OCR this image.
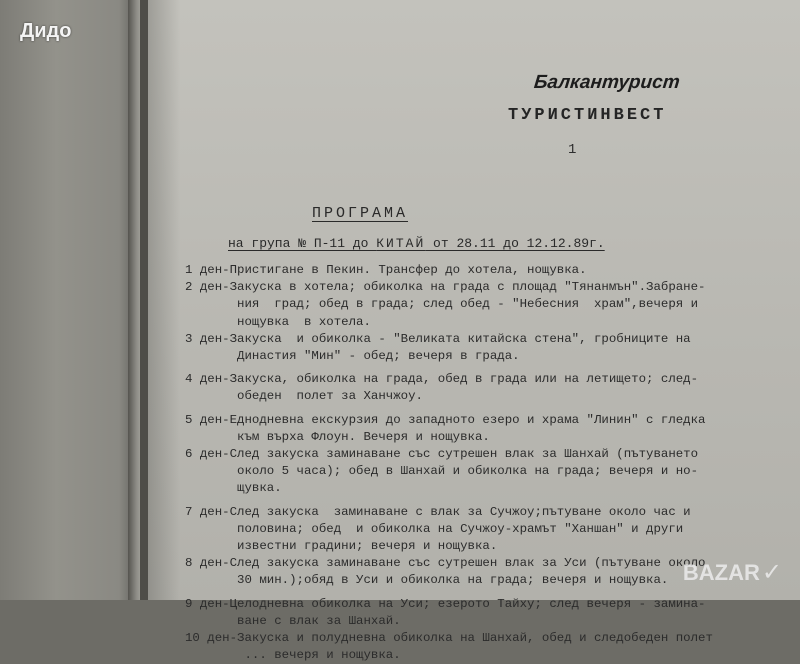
Балкантурист
ТУРИСТИНВЕСТ
1
ПРОГРАМА
на група № П-11 до КИТАЙ от 28.11 до 12.12.89г.
1 ден-Пристигане в Пекин. Трансфер до хотела, нощувка.
2 ден-Закуска в хотела; обиколка на града с площад "Тянанмън".Забране-
ния  град; обед в града; след обед - "Небесния  храм",вечеря и
нощувка  в хотела.
3 ден-Закуска  и обиколка - "Великата китайска стена", гробниците на
Династия "Мин" - обед; вечеря в града.
4 ден-Закуска, обиколка на града, обед в града или на летището; след-
обеден  полет за Ханчжоу.
5 ден-Еднодневна екскурзия до западното езеро и храма "Линин" с гледка
към върха Флоун. Вечеря и нощувка.
6 ден-След закуска заминаване със сутрешен влак за Шанхай (пътуването
около 5 часа); обед в Шанхай и обиколка на града; вечеря и но-
щувка.
7 ден-След закуска  заминаване с влак за Сучжоу;пътуване около час и
половина; обед  и обиколка на Сучжоу-храмът "Ханшан" и други
известни градини; вечеря и нощувка.
8 ден-След закуска заминаване със сутрешен влак за Уси (пътуване около
30 мин.);обяд в Уси и обиколка на града; вечеря и нощувка.
9 ден-Целодневна обиколка на Уси; езерото Тайху; след вечеря - замина-
ване с влак за Шанхай.
10 ден-Закуска и полудневна обиколка на Шанхай, обед и следобеден полет
... вечеря и нощувка.
Дидо
BAZAR ✓
